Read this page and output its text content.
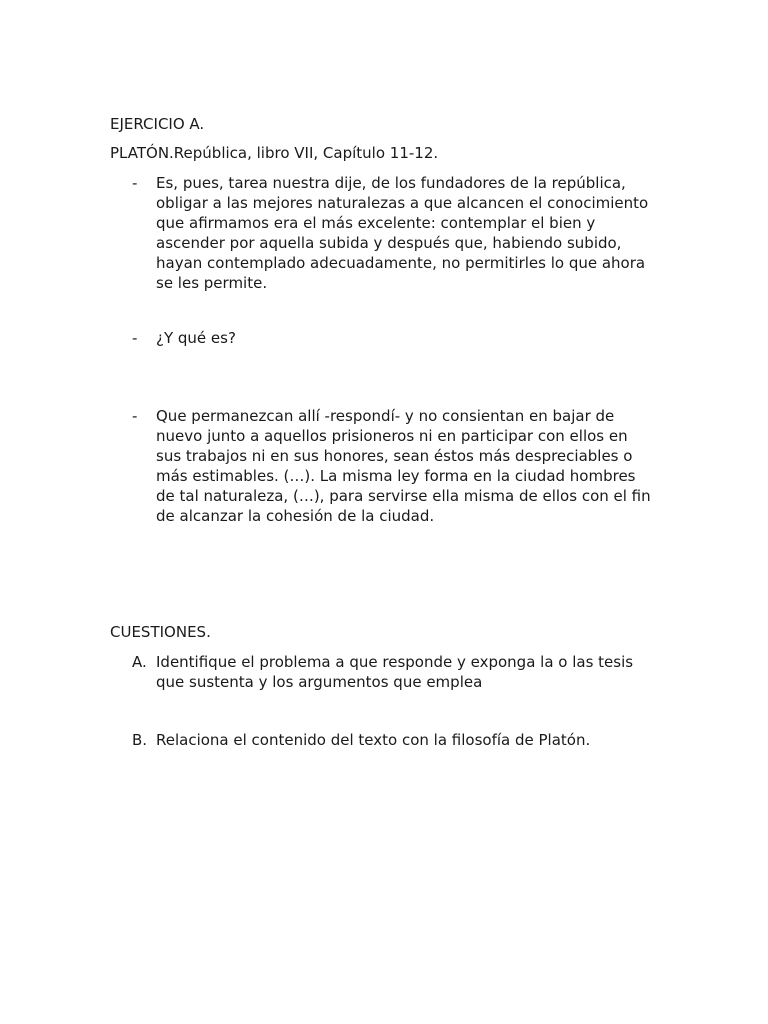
EJERCICIO A.
PLATÓN.República, libro VII, Capítulo 11-12.
- Es, pues, tarea nuestra dije, de los fundadores de la república, obligar a las mejores naturalezas a que alcancen el conocimiento que afirmamos era el más excelente: contemplar el bien y ascender por aquella subida y después que, habiendo subido, hayan contemplado adecuadamente, no permitirles lo que ahora se les permite.
- ¿Y qué es?
- Que permanezcan allí -respondí- y no consientan en bajar de nuevo junto a aquellos prisioneros ni en participar con ellos en sus trabajos ni en sus honores, sean éstos más despreciables o más estimables. (…). La misma ley forma en la ciudad hombres de tal naturaleza, (…), para servirse ella misma de ellos con el fin de alcanzar la cohesión de la ciudad.
CUESTIONES.
A. Identifique el problema a que responde y exponga la o las tesis que sustenta y los argumentos que emplea
B. Relaciona el contenido del texto con la filosofía de Platón.
